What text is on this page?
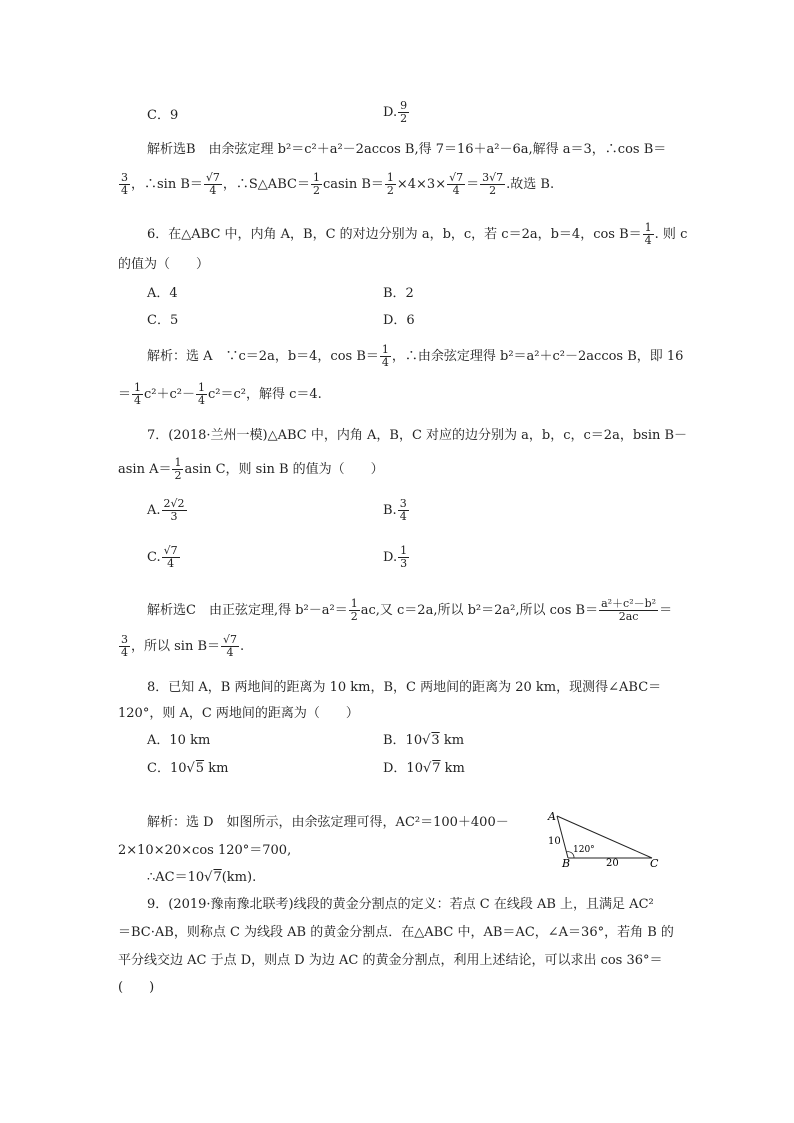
C．9	D. $\frac{9}{2}$
解析选B　由余弦定理 b²＝c²＋a²－2accos B,得 7＝16＋a²－6a,解得 a＝3，∴cos B＝
$\frac{3}{4}$ ，∴sin $B= \frac{√7}{4}$ ，∴S△ABC＝ $\frac{1}{2}$ casin $B= \frac{1}{2} \times 4\times 3\times \frac{√7}{4} = \frac{3√7}{2}$ .故选 B.
6．在△ABC 中，内角 A，B，C 的对边分别为 a，b，c，若 c＝2a，b＝4，$\cos B= \frac{1}{4}$ . 则 c
的值为（　　）
A．4	B．2
C．5	D．6
解析：选 A　∵c＝2a，b＝4，$\cos B= \frac{1}{4}$ ，∴由余弦定理得 b²＝a²＋c²－2accos B，即 16
＝ $\frac{1}{4} c^2+c^2- \frac{1}{4} c^2=c^2$，解得 c＝4.
7．(2018·兰州一模)△ABC 中，内角 A，B，C 对应的边分别为 a，b，c，c＝2a，bsin B－
asin $A= \frac{1}{2}$ asin C，则 sin B 的值为（　　）
A. $\frac{2√2}{3}$	B. $\frac{3}{4}$
C. $\frac{√7}{4}$	D. $\frac{1}{3}$
解析选C　由正弦定理,得 $b^2-a^2= \frac{1}{2}$ ac,又 c＝2a,所以 b²＝2a²,所以 $\cos B= \frac{\text{a²＋c²－b²}}{2ac}$ ＝
$\frac{3}{4}$ ，所以 $\sin B= \frac{√7}{4}$ .
8．已知 A，B 两地间的距离为 10 km，B，C 两地间的距离为 20 km，现测得∠ABC＝
120°，则 A，C 两地间的距离为（　　）
A．10 km	B．10√3 km
C．10√5 km	D．10√7 km
解析：选 D　如图所示，由余弦定理可得，AC²＝100＋400－
2×10×20×cos 120°＝700,
∴AC＝10√7(km).
A
B	C
10
20
120°
9．(2019·豫南豫北联考)线段的黄金分割点的定义：若点 C 在线段 AB 上，且满足 AC²
＝BC·AB，则称点 C 为线段 AB 的黄金分割点．在△ABC 中，AB＝AC，∠A＝36°，若角 B 的
平分线交边 AC 于点 D，则点 D 为边 AC 的黄金分割点，利用上述结论，可以求出 cos 36°＝
(　　)
